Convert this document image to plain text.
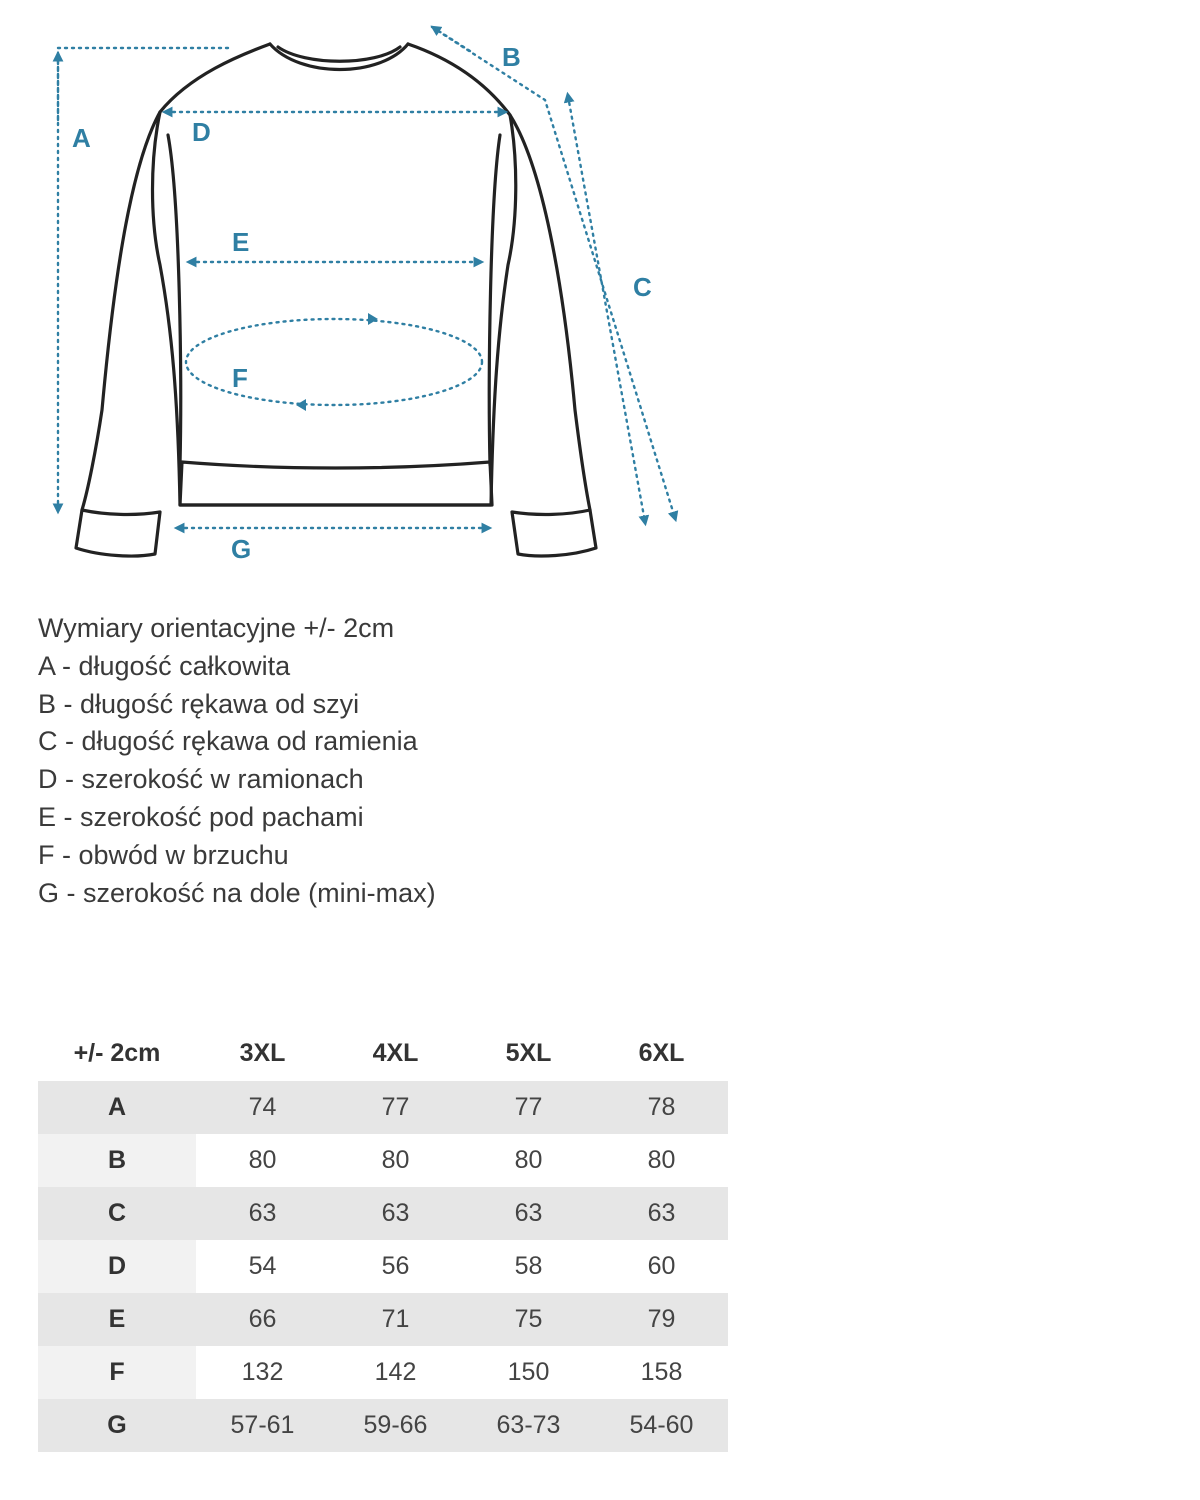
A
B
C
D
E
F
G
Wymiary orientacyjne +/- 2cm
A - długość całkowita
B - długość rękawa od szyi
C - długość rękawa od ramienia
D - szerokość w ramionach
E - szerokość pod pachami
F - obwód w brzuchu
G - szerokość na dole (mini-max)
+/- 2cm	3XL	4XL	5XL	6XL
A	74	77	77	78
B	80	80	80	80
C	63	63	63	63
D	54	56	58	60
E	66	71	75	79
F	132	142	150	158
G	57-61	59-66	63-73	54-60
